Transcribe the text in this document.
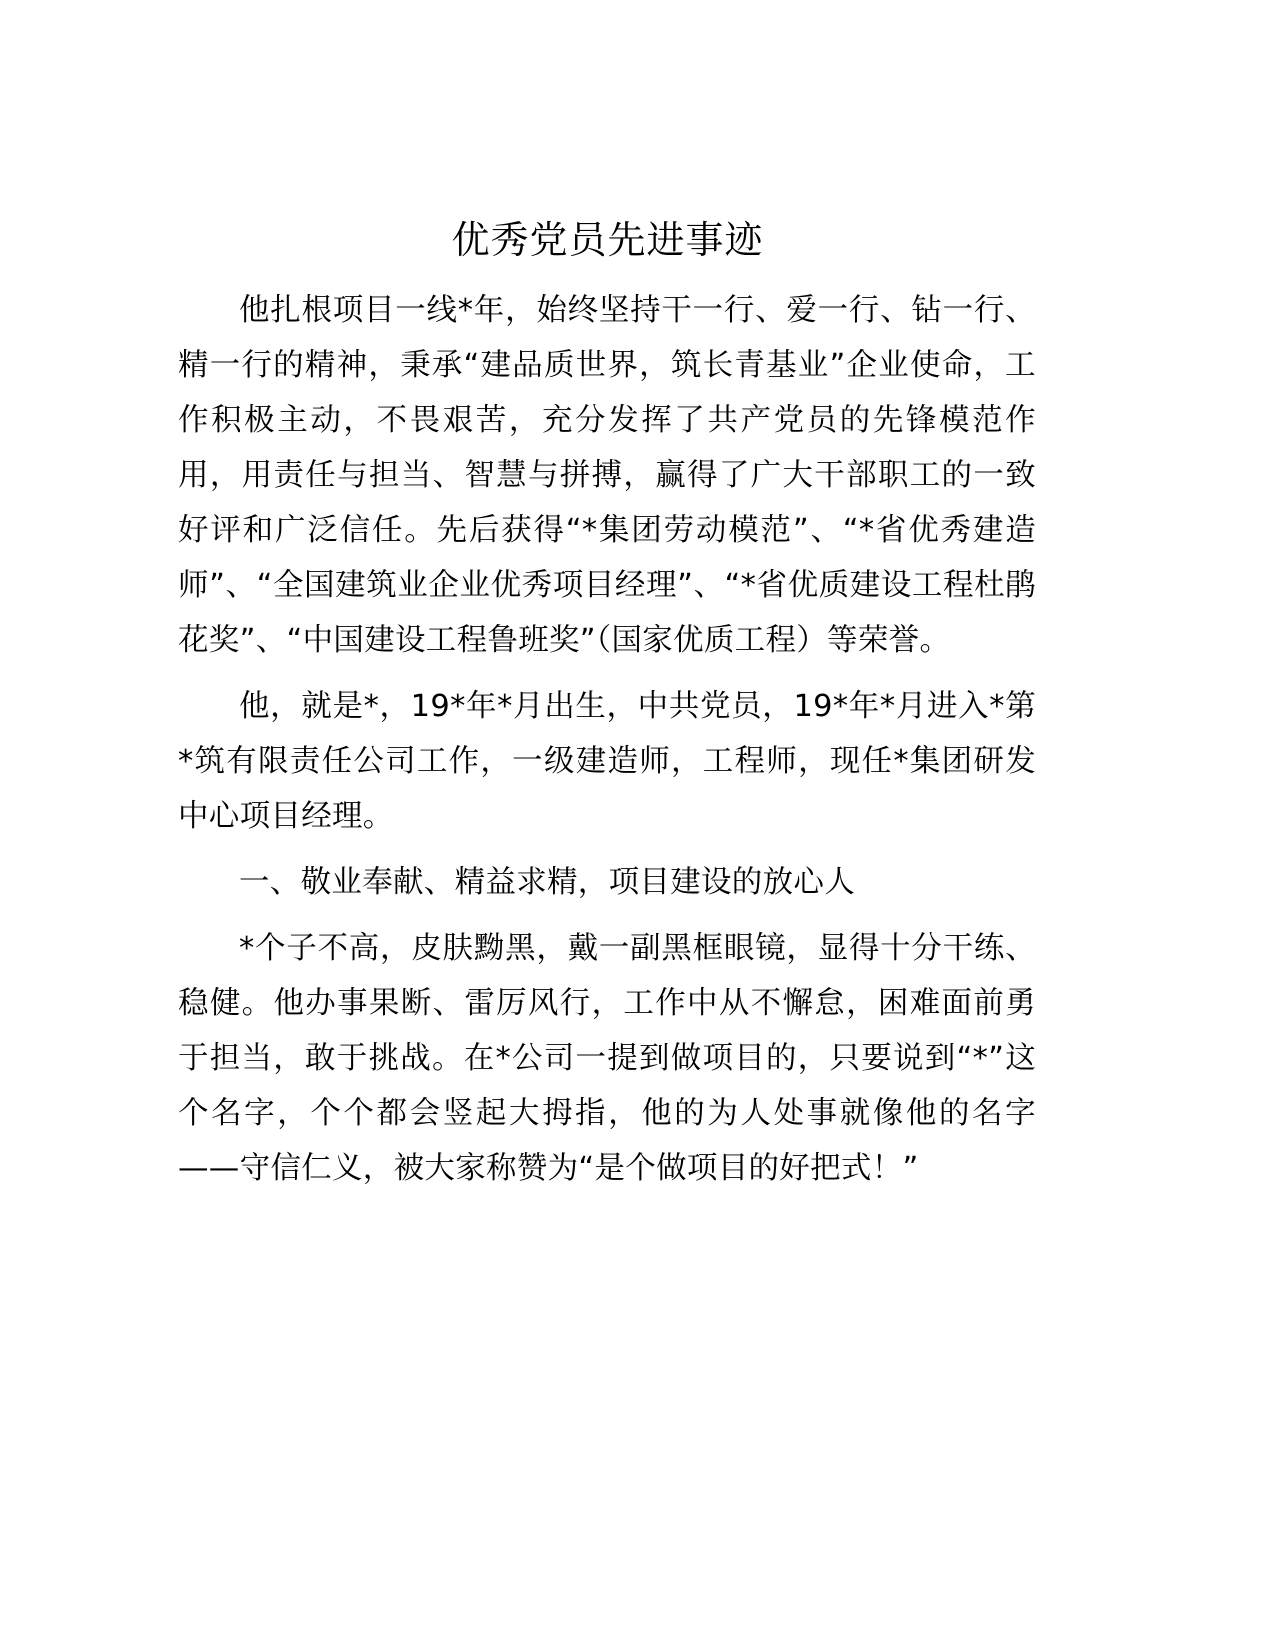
优秀党员先进事迹

他扎根项目一线*年，始终坚持干一行、爱一行、钻一行、精一行的精神，秉承“建品质世界，筑长青基业”企业使命，工作积极主动，不畏艰苦，充分发挥了共产党员的先锋模范作用，用责任与担当、智慧与拼搏，赢得了广大干部职工的一致好评和广泛信任。先后获得“*集团劳动模范”、“*省优秀建造师”、“全国建筑业企业优秀项目经理”、“*省优质建设工程杜鹃花奖”、“中国建设工程鲁班奖”（国家优质工程）等荣誉。

他，就是*，19*年*月出生，中共党员，19*年*月进入*第*筑有限责任公司工作，一级建造师，工程师，现任*集团研发中心项目经理。

一、敬业奉献、精益求精，项目建设的放心人

*个子不高，皮肤黝黑，戴一副黑框眼镜，显得十分干练、稳健。他办事果断、雷厉风行，工作中从不懈怠，困难面前勇于担当，敢于挑战。在*公司一提到做项目的，只要说到“*”这个名字，个个都会竖起大拇指，他的为人处事就像他的名字——守信仁义，被大家称赞为“是个做项目的好把式！”
